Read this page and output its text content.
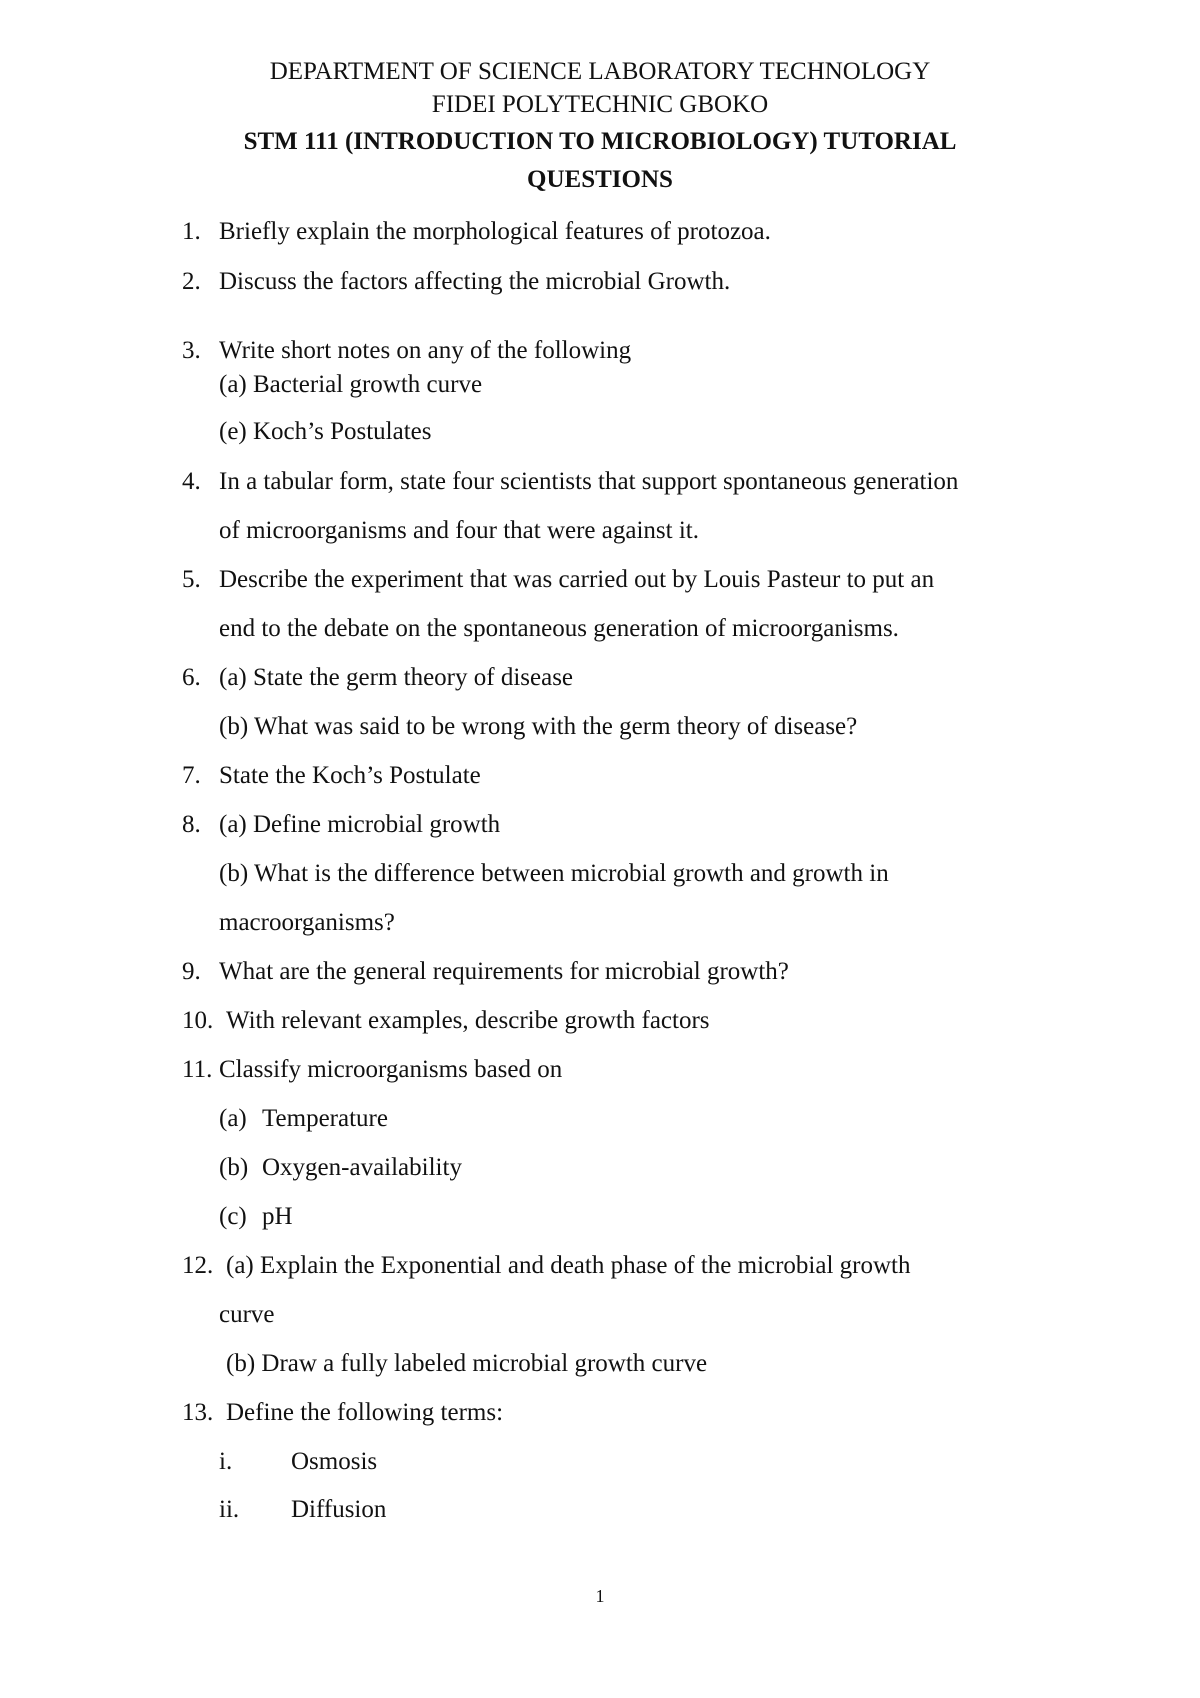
DEPARTMENT OF SCIENCE LABORATORY TECHNOLOGY
FIDEI POLYTECHNIC GBOKO
STM 111 (INTRODUCTION TO MICROBIOLOGY) TUTORIAL QUESTIONS
1. Briefly explain the morphological features of protozoa.
2. Discuss the factors affecting the microbial Growth.
3. Write short notes on any of the following
(a) Bacterial growth curve
(e) Koch’s Postulates
4. In a tabular form, state four scientists that support spontaneous generation
of microorganisms and four that were against it.
5. Describe the experiment that was carried out by Louis Pasteur to put an
end to the debate on the spontaneous generation of microorganisms.
6. (a) State the germ theory of disease
(b) What was said to be wrong with the germ theory of disease?
7. State the Koch’s Postulate
8. (a) Define microbial growth
(b) What is the difference between microbial growth and growth in
macroorganisms?
9. What are the general requirements for microbial growth?
10. With relevant examples, describe growth factors
11. Classify microorganisms based on
(a) Temperature
(b) Oxygen-availability
(c) pH
12. (a) Explain the Exponential and death phase of the microbial growth
curve
(b) Draw a fully labeled microbial growth curve
13. Define the following terms:
i. Osmosis
ii. Diffusion
1
